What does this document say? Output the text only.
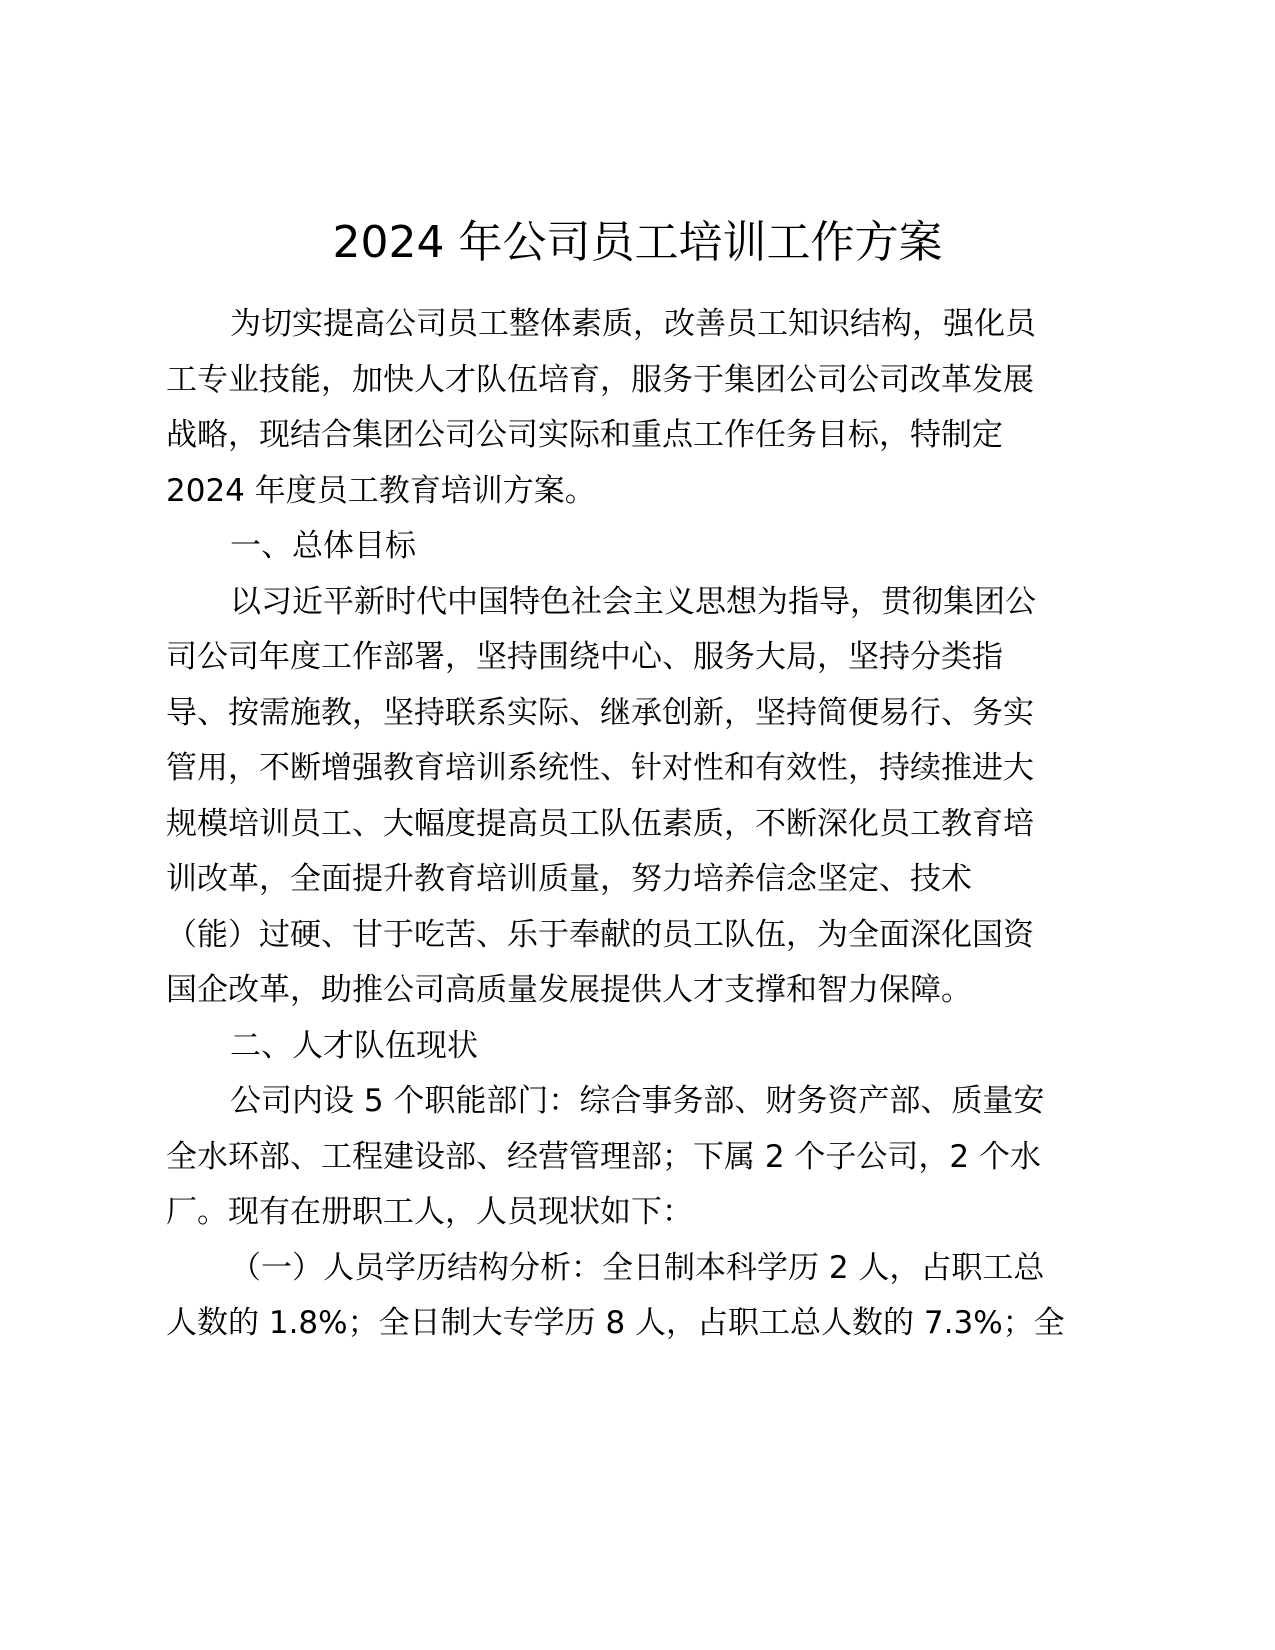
2024 年公司员工培训工作方案
为切实提高公司员工整体素质，改善员工知识结构，强化员
工专业技能，加快人才队伍培育，服务于集团公司公司改革发展
战略，现结合集团公司公司实际和重点工作任务目标，特制定
2024 年度员工教育培训方案。
一、总体目标
以习近平新时代中国特色社会主义思想为指导，贯彻集团公
司公司年度工作部署，坚持围绕中心、服务大局，坚持分类指
导、按需施教，坚持联系实际、继承创新，坚持简便易行、务实
管用，不断增强教育培训系统性、针对性和有效性，持续推进大
规模培训员工、大幅度提高员工队伍素质，不断深化员工教育培
训改革，全面提升教育培训质量，努力培养信念坚定、技术
（能）过硬、甘于吃苦、乐于奉献的员工队伍，为全面深化国资
国企改革，助推公司高质量发展提供人才支撑和智力保障。
二、人才队伍现状
公司内设 5 个职能部门：综合事务部、财务资产部、质量安
全水环部、工程建设部、经营管理部；下属 2 个子公司，2 个水
厂。现有在册职工人，人员现状如下：
（一）人员学历结构分析：全日制本科学历 2 人，占职工总
人数的 1.8%；全日制大专学历 8 人，占职工总人数的 7.3%；全
